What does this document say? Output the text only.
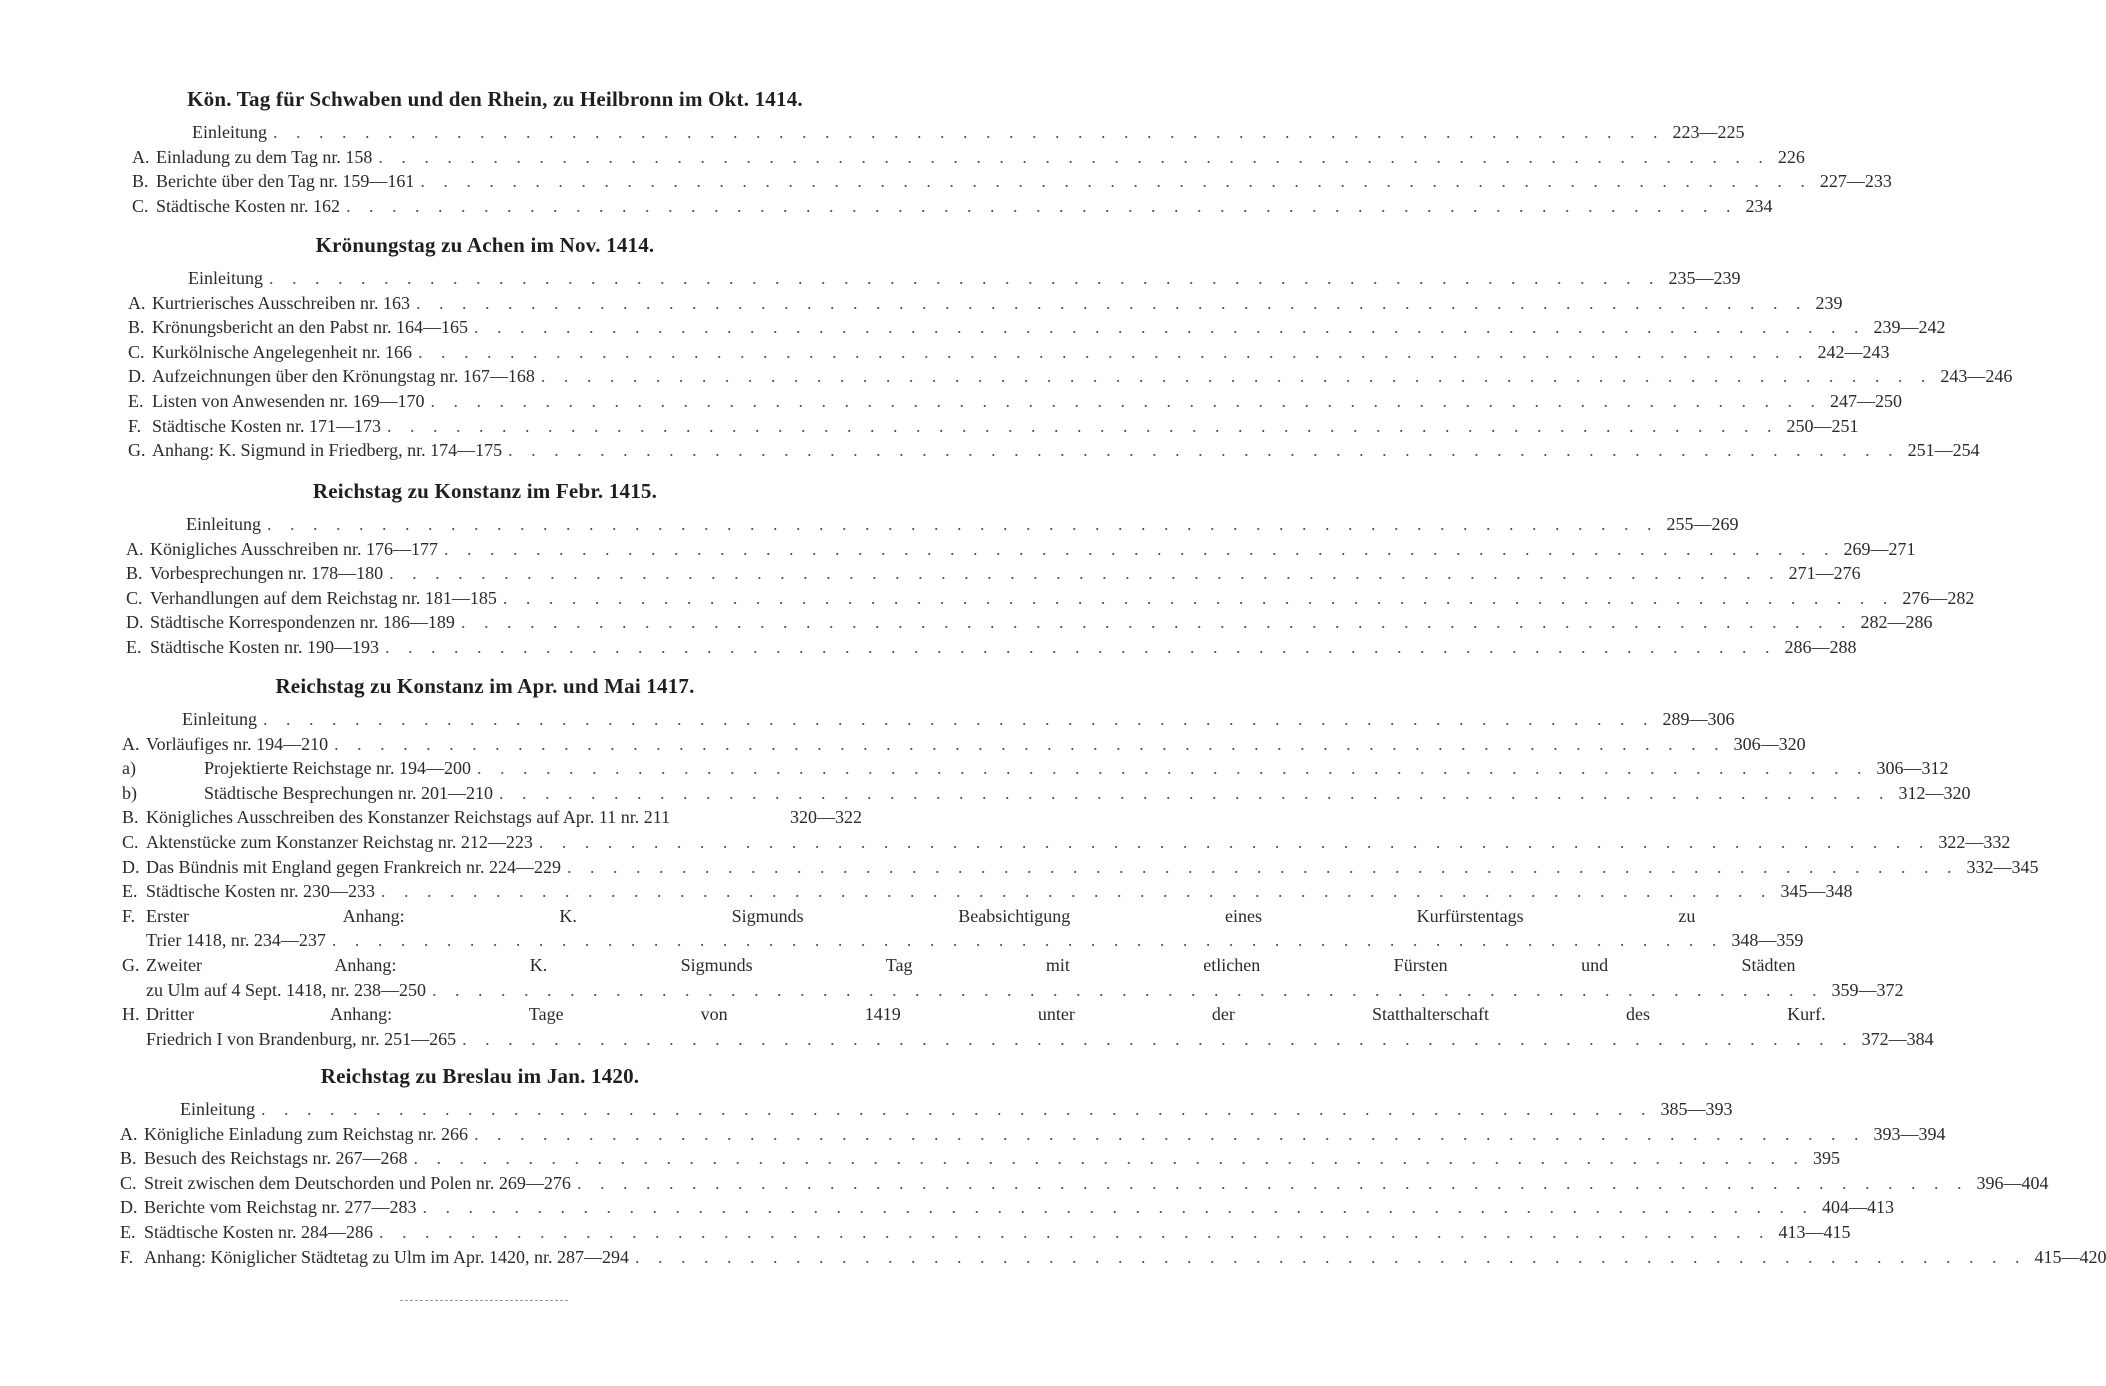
Kön. Tag für Schwaben und den Rhein, zu Heilbronn im Okt. 1414.
Einleitung . . . . . . . . . . . . . . . . . . . . . . . . . . . . . . . . . . . . . . . . . . . . . . . . . . . . . . . . . . . . . 223—225
A. Einladung zu dem Tag nr. 158 . . . . . . . . . . . . . . . . . . . . . . . . . . . . . . . . . . . . . . . . . . . . . . . . . . . . . . . . . . . . . 226
B. Berichte über den Tag nr. 159—161 . . . . . . . . . . . . . . . . . . . . . . . . . . . . . . . . . . . . . . . . . . . . . . . . . . . . . . . . . . . . . 227—233
C. Städtische Kosten nr. 162 . . . . . . . . . . . . . . . . . . . . . . . . . . . . . . . . . . . . . . . . . . . . . . . . . . . . . . . . . . . . . 234
Krönungstag zu Achen im Nov. 1414.
Einleitung . . . . . . . . . . . . . . . . . . . . . . . . . . . . . . . . . . . . . . . . . . . . . . . . . . . . . . . . . . . . . 235—239
A. Kurtrierisches Ausschreiben nr. 163 . . . . . . . . . . . . . . . . . . . . . . . . . . . . . . . . . . . . . . . . . . . . . . . . . . . . . . . . . . . . . 239
B. Krönungsbericht an den Pabst nr. 164—165 . . . . . . . . . . . . . . . . . . . . . . . . . . . . . . . . . . . . . . . . . . . . . . . . . . . . . . . . . . . . . 239—242
C. Kurkölnische Angelegenheit nr. 166 . . . . . . . . . . . . . . . . . . . . . . . . . . . . . . . . . . . . . . . . . . . . . . . . . . . . . . . . . . . . . 242—243
D. Aufzeichnungen über den Krönungstag nr. 167—168 . . . . . . . . . . . . . . . . . . . . . . . . . . . . . . . . . . . . . . . . . . . . . . . . . . . . . . . . . . . . . 243—246
E. Listen von Anwesenden nr. 169—170 . . . . . . . . . . . . . . . . . . . . . . . . . . . . . . . . . . . . . . . . . . . . . . . . . . . . . . . . . . . . . 247—250
F. Städtische Kosten nr. 171—173 . . . . . . . . . . . . . . . . . . . . . . . . . . . . . . . . . . . . . . . . . . . . . . . . . . . . . . . . . . . . . 250—251
G. Anhang: K. Sigmund in Friedberg, nr. 174—175 . . . . . . . . . . . . . . . . . . . . . . . . . . . . . . . . . . . . . . . . . . . . . . . . . . . . . . . . . . . . . 251—254
Reichstag zu Konstanz im Febr. 1415.
Einleitung . . . . . . . . . . . . . . . . . . . . . . . . . . . . . . . . . . . . . . . . . . . . . . . . . . . . . . . . . . . . . 255—269
A. Königliches Ausschreiben nr. 176—177 . . . . . . . . . . . . . . . . . . . . . . . . . . . . . . . . . . . . . . . . . . . . . . . . . . . . . . . . . . . . . 269—271
B. Vorbesprechungen nr. 178—180 . . . . . . . . . . . . . . . . . . . . . . . . . . . . . . . . . . . . . . . . . . . . . . . . . . . . . . . . . . . . . 271—276
C. Verhandlungen auf dem Reichstag nr. 181—185 . . . . . . . . . . . . . . . . . . . . . . . . . . . . . . . . . . . . . . . . . . . . . . . . . . . . . . . . . . . . . 276—282
D. Städtische Korrespondenzen nr. 186—189 . . . . . . . . . . . . . . . . . . . . . . . . . . . . . . . . . . . . . . . . . . . . . . . . . . . . . . . . . . . . . 282—286
E. Städtische Kosten nr. 190—193 . . . . . . . . . . . . . . . . . . . . . . . . . . . . . . . . . . . . . . . . . . . . . . . . . . . . . . . . . . . . . 286—288
Reichstag zu Konstanz im Apr. und Mai 1417.
Einleitung . . . . . . . . . . . . . . . . . . . . . . . . . . . . . . . . . . . . . . . . . . . . . . . . . . . . . . . . . . . . . 289—306
A. Vorläufiges nr. 194—210 . . . . . . . . . . . . . . . . . . . . . . . . . . . . . . . . . . . . . . . . . . . . . . . . . . . . . . . . . . . . . 306—320
a)	Projektierte Reichstage nr. 194—200 . . . . . . . . . . . . . . . . . . . . . . . . . . . . . . . . . . . . . . . . . . . . . . . . . . . . . . . . . . . . . 306—312
b)	Städtische Besprechungen nr. 201—210 . . . . . . . . . . . . . . . . . . . . . . . . . . . . . . . . . . . . . . . . . . . . . . . . . . . . . . . . . . . . . 312—320
B. Königliches Ausschreiben des Konstanzer Reichstags auf Apr. 11 nr. 211	320—322
C. Aktenstücke zum Konstanzer Reichstag nr. 212—223 . . . . . . . . . . . . . . . . . . . . . . . . . . . . . . . . . . . . . . . . . . . . . . . . . . . . . . . . . . . . . 322—332
D. Das Bündnis mit England gegen Frankreich nr. 224—229 . . . . . . . . . . . . . . . . . . . . . . . . . . . . . . . . . . . . . . . . . . . . . . . . . . . . . . . . . . . . . 332—345
E. Städtische Kosten nr. 230—233 . . . . . . . . . . . . . . . . . . . . . . . . . . . . . . . . . . . . . . . . . . . . . . . . . . . . . . . . . . . . . 345—348
F. Erster Anhang: K. Sigmunds Beabsichtigung eines Kurfürstentags zu
Trier 1418, nr. 234—237 . . . . . . . . . . . . . . . . . . . . . . . . . . . . . . . . . . . . . . . . . . . . . . . . . . . . . . . . . . . . . 348—359
G. Zweiter Anhang: K. Sigmunds Tag mit etlichen Fürsten und Städten
zu Ulm auf 4 Sept. 1418, nr. 238—250 . . . . . . . . . . . . . . . . . . . . . . . . . . . . . . . . . . . . . . . . . . . . . . . . . . . . . . . . . . . . . 359—372
H. Dritter Anhang: Tage von 1419 unter der Statthalterschaft des Kurf.
Friedrich I von Brandenburg, nr. 251—265 . . . . . . . . . . . . . . . . . . . . . . . . . . . . . . . . . . . . . . . . . . . . . . . . . . . . . . . . . . . . . 372—384
Reichstag zu Breslau im Jan. 1420.
Einleitung . . . . . . . . . . . . . . . . . . . . . . . . . . . . . . . . . . . . . . . . . . . . . . . . . . . . . . . . . . . . . 385—393
A. Königliche Einladung zum Reichstag nr. 266 . . . . . . . . . . . . . . . . . . . . . . . . . . . . . . . . . . . . . . . . . . . . . . . . . . . . . . . . . . . . . 393—394
B. Besuch des Reichstags nr. 267—268 . . . . . . . . . . . . . . . . . . . . . . . . . . . . . . . . . . . . . . . . . . . . . . . . . . . . . . . . . . . . . 395
C. Streit zwischen dem Deutschorden und Polen nr. 269—276 . . . . . . . . . . . . . . . . . . . . . . . . . . . . . . . . . . . . . . . . . . . . . . . . . . . . . . . . . . . . . 396—404
D. Berichte vom Reichstag nr. 277—283 . . . . . . . . . . . . . . . . . . . . . . . . . . . . . . . . . . . . . . . . . . . . . . . . . . . . . . . . . . . . . 404—413
E. Städtische Kosten nr. 284—286 . . . . . . . . . . . . . . . . . . . . . . . . . . . . . . . . . . . . . . . . . . . . . . . . . . . . . . . . . . . . . 413—415
F. Anhang: Königlicher Städtetag zu Ulm im Apr. 1420, nr. 287—294 . . . . . . . . . . . . . . . . . . . . . . . . . . . . . . . . . . . . . . . . . . . . . . . . . . . . . . . . . . . . . 415—420
